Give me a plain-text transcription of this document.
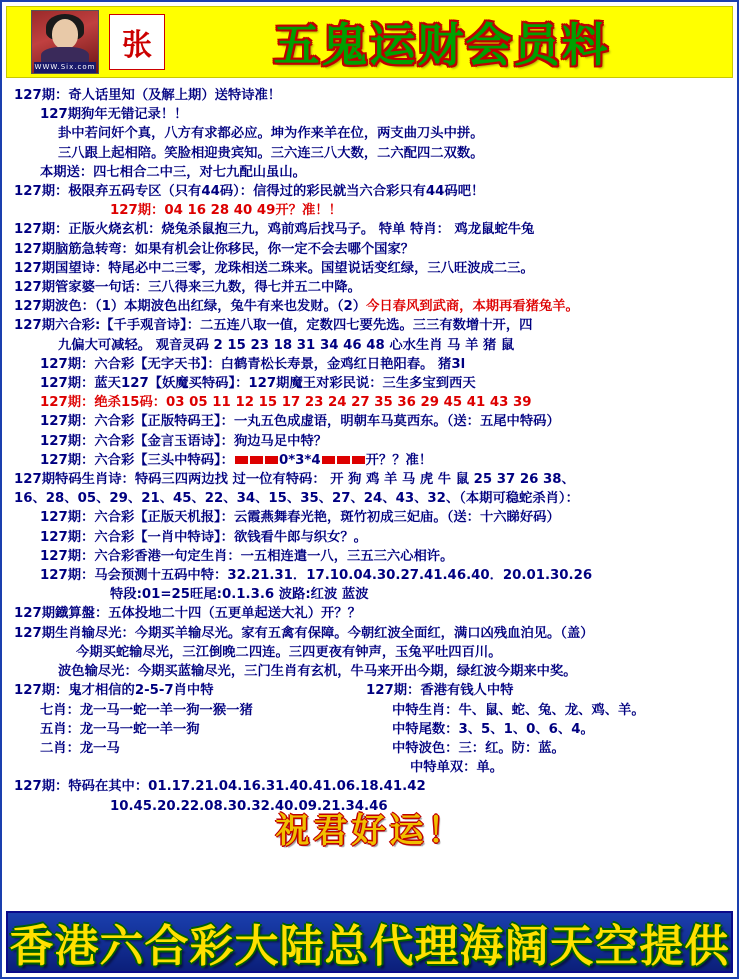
WWW.Six.com
张	五鬼运财会员料
127期：奇人话里知（及解上期）送特诗准！
127期狗年无错记录！！
卦中若问奸个真，八方有求都必应。坤为作来羊在位，两支曲刀头中拼。
三八跟上起相陪。笑脸相迎贵宾知。三六连三八大数，二六配四二双数。
本期送：四七相合二中三，对七九配山虽山。
127期：极限弃五码专区（只有44码）：信得过的彩民就当六合彩只有44码吧！
127期：04 16 28 40 49开？准！！
127期：正版火烧玄机：烧兔杀鼠抱三九，鸡前鸡后找马子。 特单 特肖： 鸡龙鼠蛇牛兔
127期脑筋急转弯：如果有机会让你移民，你一定不会去哪个国家？
127期国望诗：特尾必中二三零，龙珠相送二珠来。国望说话变红绿，三八旺波成二三。
127期管家婆一句话：三八得来三九数，得七并五二中降。
127期波色：（1）本期波色出红绿，兔牛有来也发财。（2）今日春风到武商，本期再看猪兔羊。
127期六合彩:【千手观音诗】：二五连八取一值，定数四七要先选。三三有数增十开，四
九偏大可减轻。 观音灵码 2 15 23 18 31 34 46 48 心水生肖 马 羊 猪 鼠
127期：六合彩【无字天书】：白鹤青松长寿景，金鸡红日艳阳春。 猪3l
127期：蓝天127【妖魔买特码】：127期魔王对彩民说：三生多宝到西天
127期：绝杀15码：03 05 11 12 15 17 23 24 27 35 36 29 45 41 43 39
127期：六合彩【正版特码王】：一丸五色成虚语，明朝车马莫西东。（送：五尾中特码）
127期：六合彩【金言玉语诗】：狗边马足中特？
127期：六合彩【三头中特码】：	0*3*4	开？？准！
127期特码生肖诗：特码三四两边找 过一位有特码： 开 狗 鸡 羊 马 虎 牛 鼠 25 37 26 38、
16、28、05、29、21、45、22、34、15、35、27、24、43、32、（本期可稳蛇杀肖）：
127期：六合彩【正版天机报】：云霞燕舞春光艳，斑竹初成三妃庙。（送：十六睇好码）
127期：六合彩【一肖中特诗】：欲钱看牛郎与织女？。
127期：六合彩香港一句定生肖：一五相连遣一八，三五三六心相许。
127期：马会预测十五码中特：32.21.31．17.10.04.30.27.41.46.40．20.01.30.26
特段:01=25旺尾:0.1.3.6 波路:红波 蓝波
127期鐡算盤：五体投地二十四（五更单起送大礼）开？？
127期生肖输尽光：今期买羊输尽光。家有五禽有保障。今朝红波全面红，满口凶残血泊见。（盖）
今期买蛇输尽光，三江倒晚二四连。三四更夜有钟声，玉兔平吐四百川。
波色输尽光：今期买蓝输尽光，三门生肖有玄机，牛马来开出今期，绿红波今期来中奖。
127期：鬼才相信的2-5-7肖中特
七肖：龙一马一蛇一羊一狗一猴一猪
五肖：龙一马一蛇一羊一狗
二肖：龙一马
127期：香港有钱人中特
中特生肖：牛、鼠、蛇、兔、龙、鸡、羊。
中特尾数：3、5、1、0、6、4。
中特波色：三：红。防：蓝。
中特单双：单。
127期：特码在其中：01.17.21.04.16.31.40.41.06.18.41.42
10.45.20.22.08.30.32.40.09.21.34.46
祝君好运！
香港六合彩大陆总代理海阔天空提供
